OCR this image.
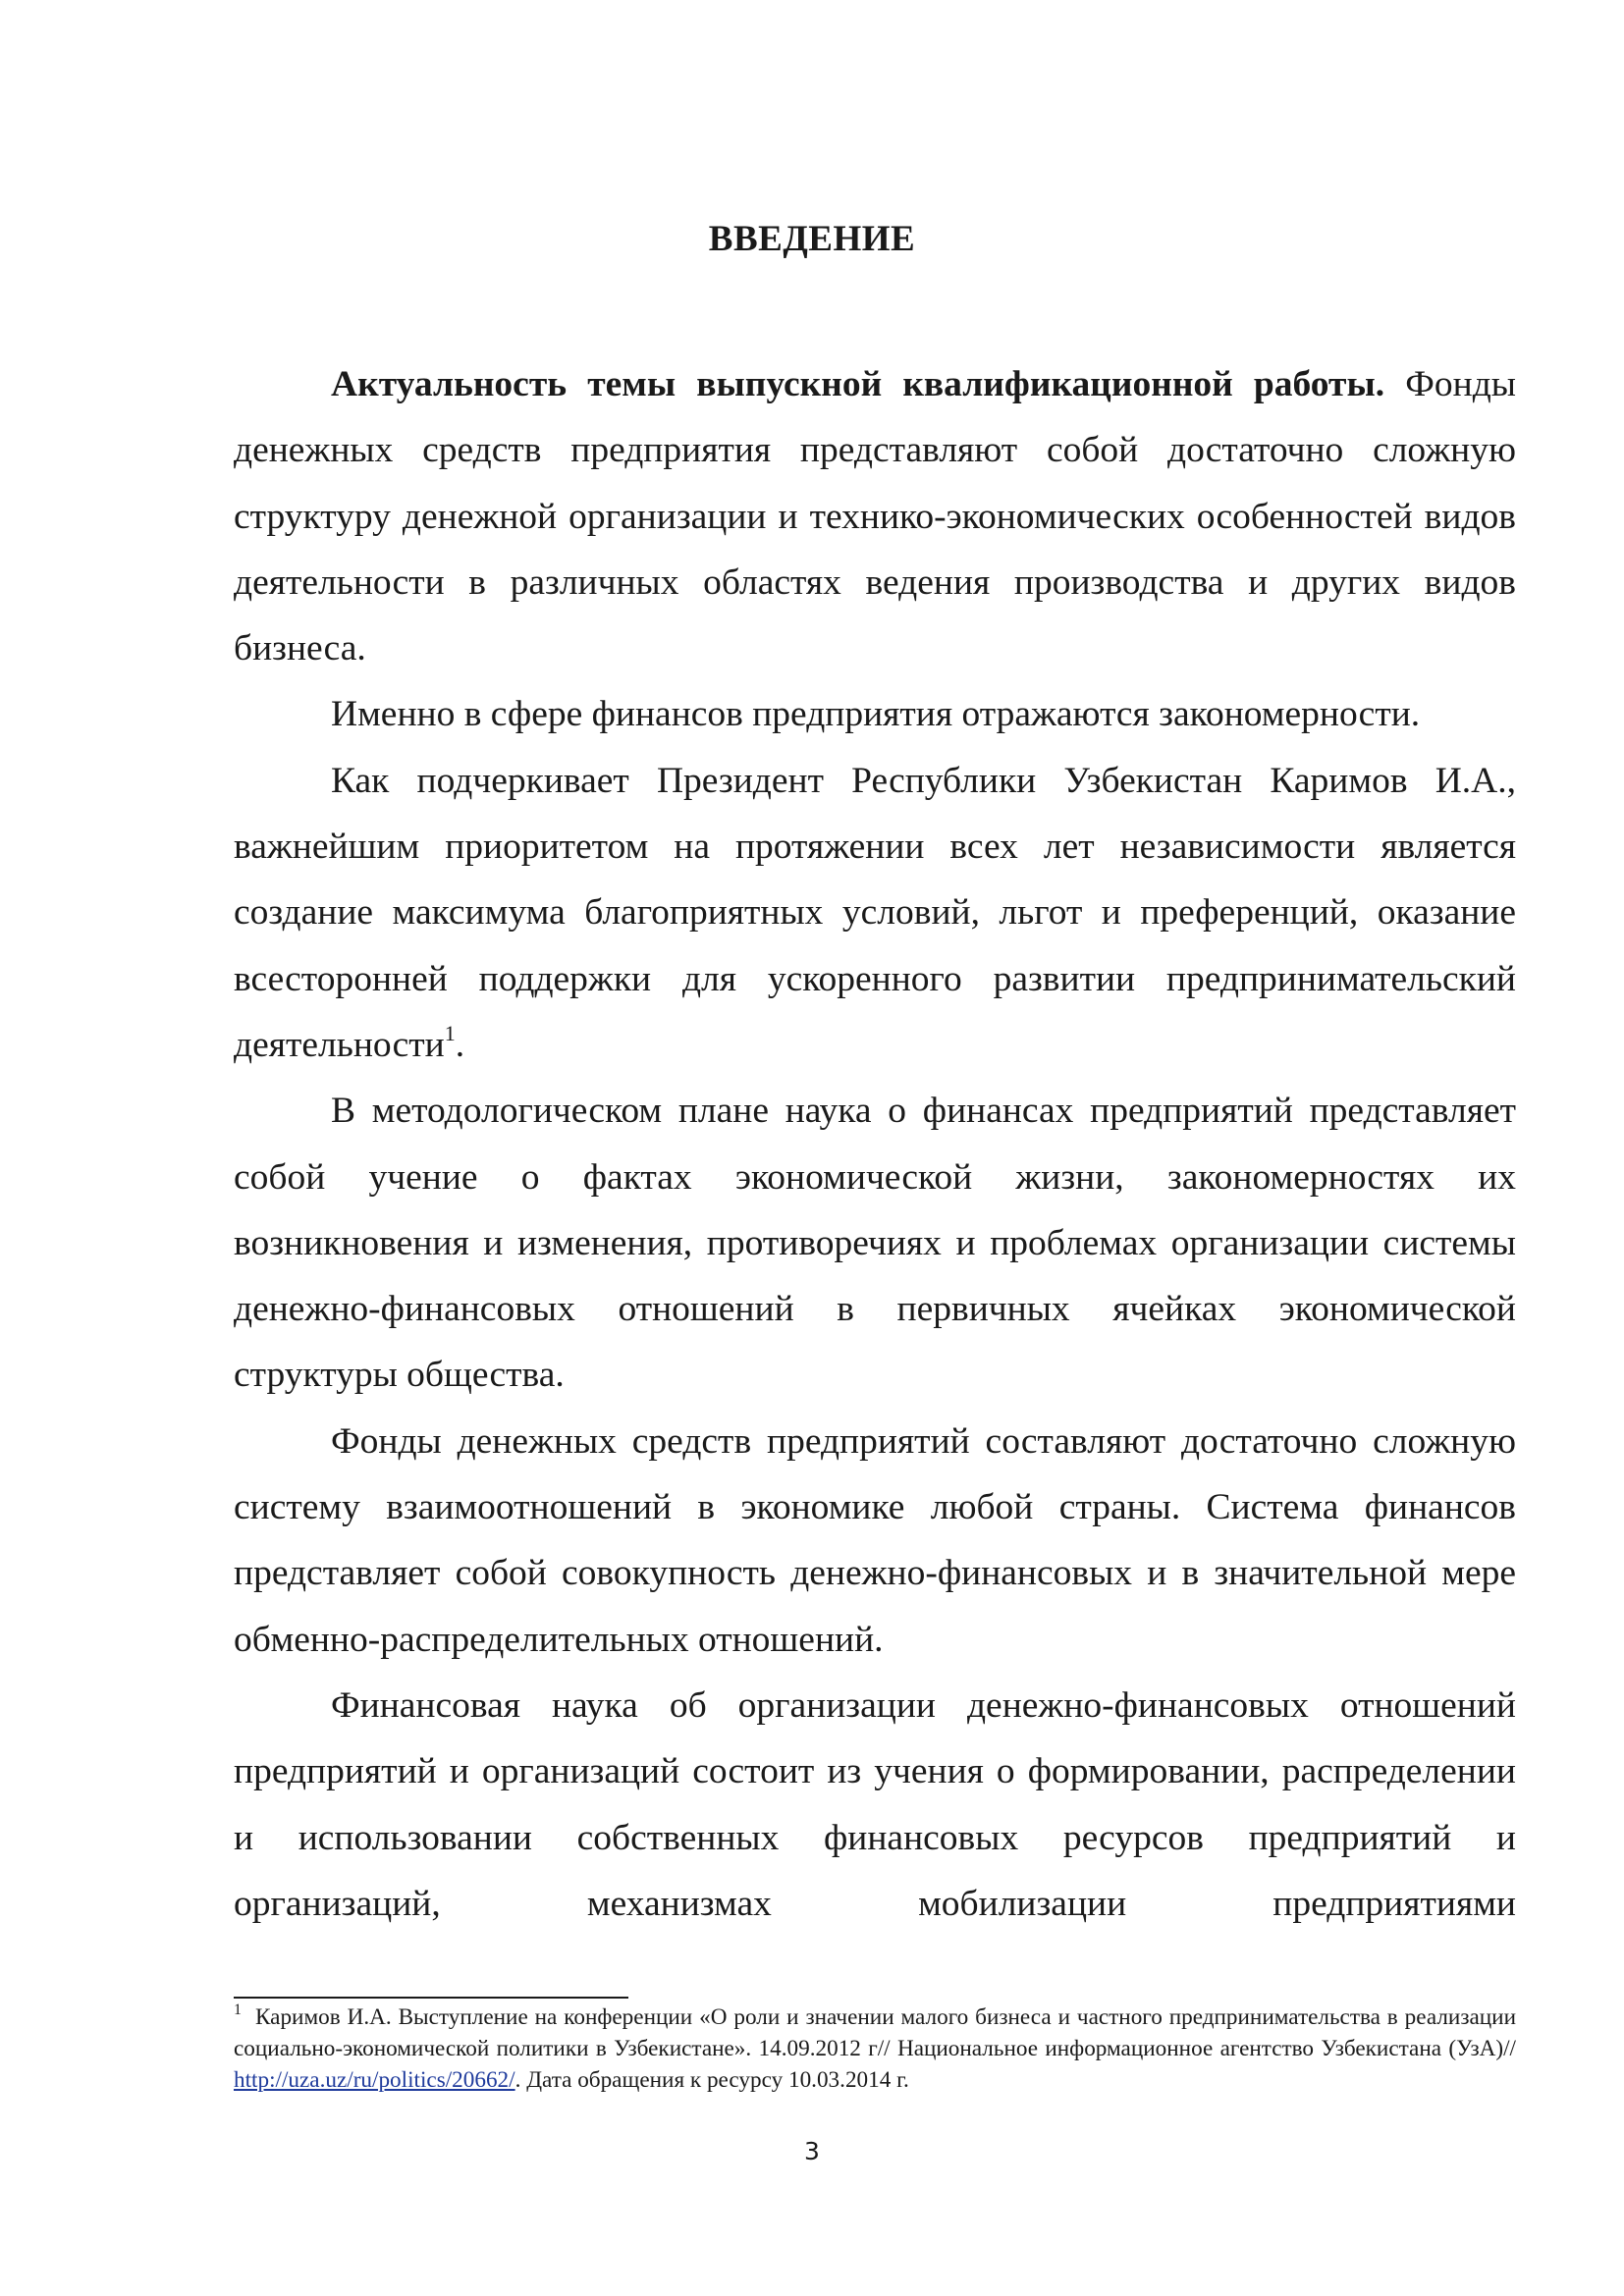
ВВЕДЕНИЕ

Актуальность темы выпускной квалификационной работы. Фонды денежных средств предприятия представляют собой достаточно сложную структуру денежной организации и технико-экономических особенностей видов деятельности в различных областях ведения производства и других видов бизнеса.

Именно в сфере финансов предприятия отражаются закономерности.

Как подчеркивает Президент Республики Узбекистан Каримов И.А., важнейшим приоритетом на протяжении всех лет независимости является создание максимума благоприятных условий, льгот и преференций, оказание всесторонней поддержки для ускоренного развитии предпринимательский деятельности$^1$.

В методологическом плане наука о финансах предприятий представляет собой учение о фактах экономической жизни, закономерностях их возникновения и изменения, противоречиях и проблемах организации системы денежно-финансовых отношений в первичных ячейках экономической структуры общества.

Фонды денежных средств предприятий составляют достаточно сложную систему взаимоотношений в экономике любой страны. Система финансов представляет собой совокупность денежно-финансовых и в значительной мере обменно-распределительных отношений.

Финансовая наука об организации денежно-финансовых отношений предприятий и организаций состоит из учения о формировании, распределении и использовании собственных финансовых ресурсов предприятий и организаций, механизмах мобилизации предприятиями

$^1$ Каримов И.А. Выступление на конференции «О роли и значении малого бизнеса и частного предпринимательства в реализации социально-экономической политики в Узбекистане». 14.09.2012 г// Национальное информационное агентство Узбекистана (УзА)// http://uza.uz/ru/politics/20662/. Дата обращения к ресурсу 10.03.2014 г.

3
